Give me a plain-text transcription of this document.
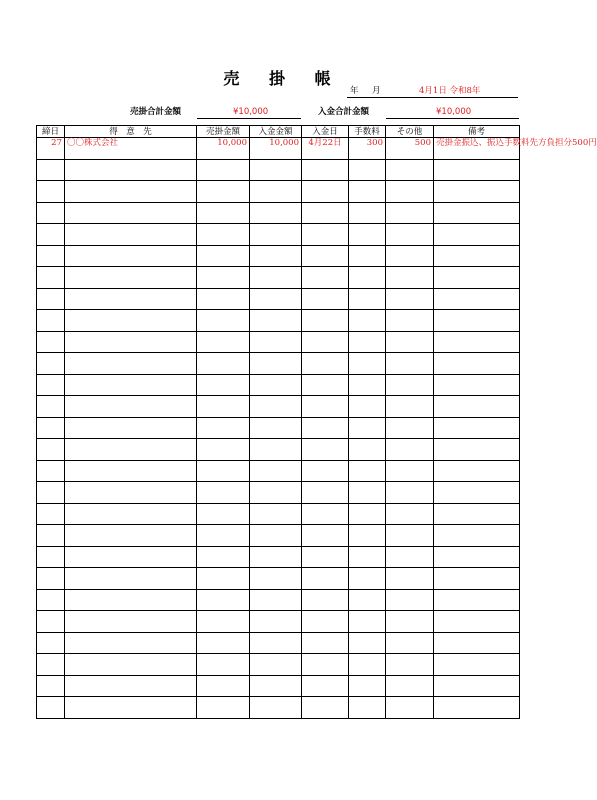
売 掛 帳
年 月	4月1日 令和8年
売掛合計金額	¥10,000	入金合計金額	¥10,000
締日	得　意　先	売掛金額	入金金額	入金日	手数料	その他	備考
27	〇〇株式会社	10,000	10,000	4月22日	300	500	売掛金振込、振込手数料先方負担分500円
